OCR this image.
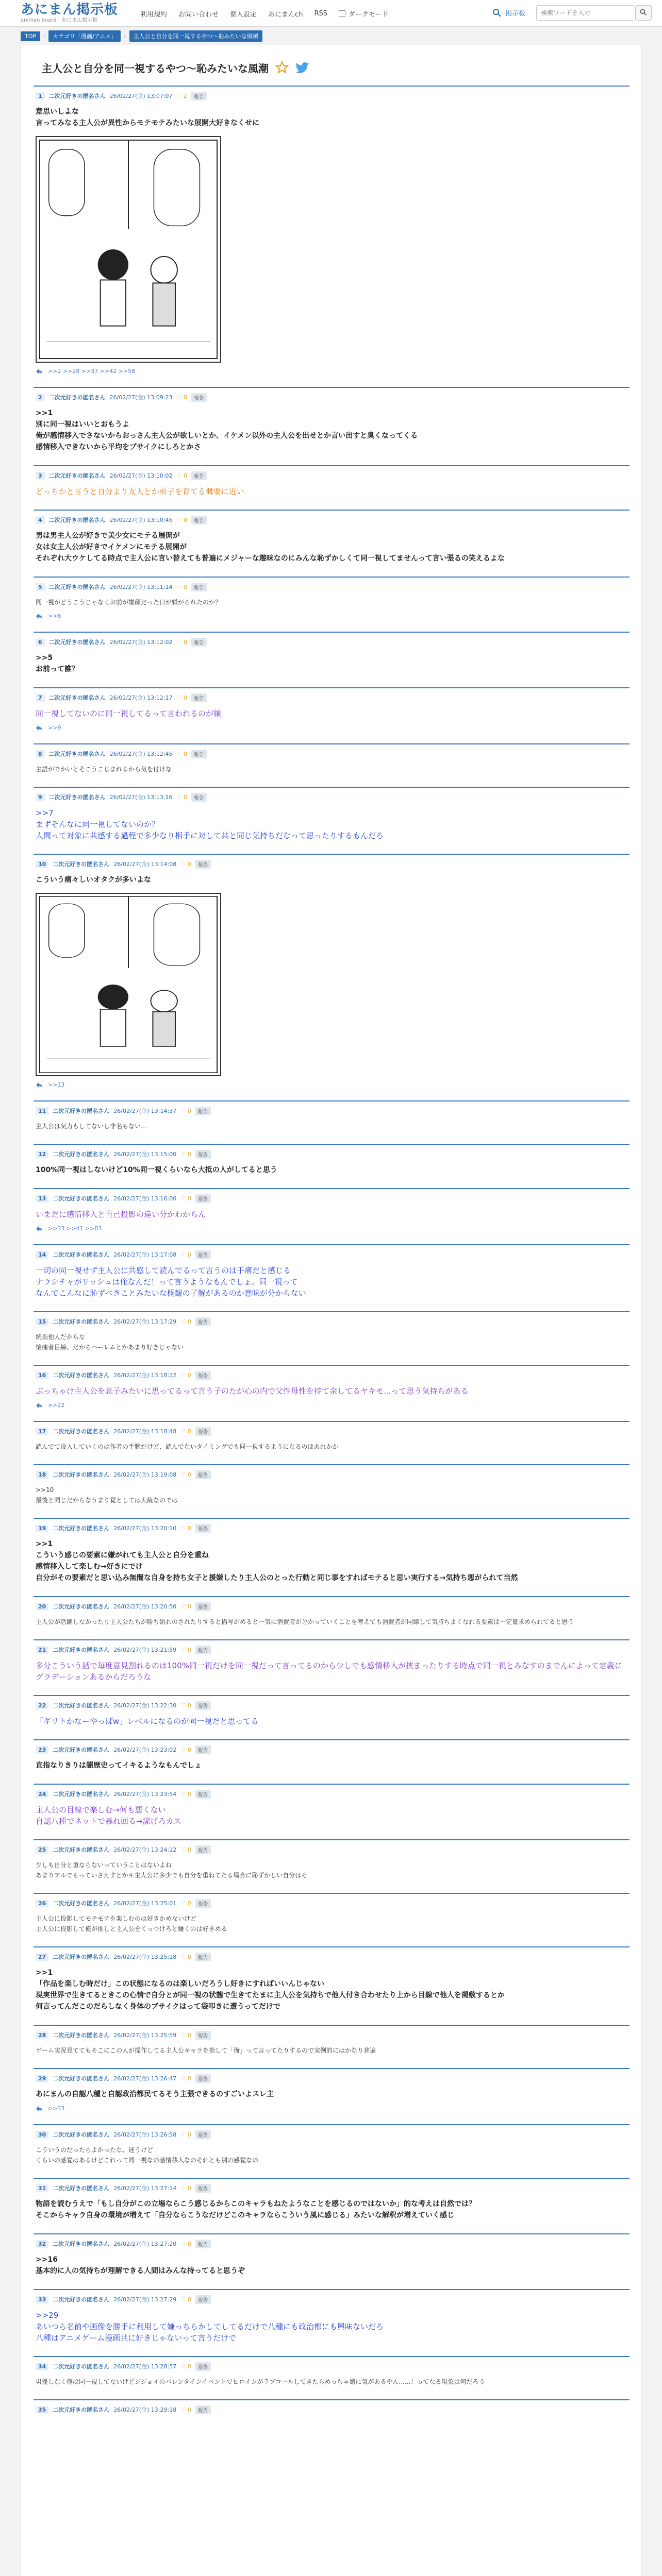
あにまん掲示板
animan board · あにまん掲示板
利用規約 お問い合わせ 個人設定 あにまんch RSS	ダークモード	掲示板
検索ワードを入力
TOP	›	カテゴリ「漫画/アニメ」	›	主人公と自分を同一視するやつ〜恥みたいな風潮
主人公と自分を同一視するやつ〜恥みたいな風潮
1	二次元好きの匿名さん 26/02/27(金) 13:07:07 ♡ 2	報告
意思いしよな
言ってみなる主人公が異性からモテモテみたいな展開大好きなくせに
>>2 >>28 >>37 >>42 >>58
2	二次元好きの匿名さん 26/02/27(金) 13:09:23 ♡ 0	報告
>>1
別に同一視はいいとおもうよ
俺が感情移入でさないからおっさん主人公が欲しいとか、イケメン以外の主人公を出せとか言い出すと臭くなってくる
感情移入できないから平均をブサイクにしろとかさ
3	二次元好きの匿名さん 26/02/27(金) 13:10:02 ♡ 0	報告
どっちかと言うと自分より友人とか弟子を育てる概要に近い
4	二次元好きの匿名さん 26/02/27(金) 13:10:45 ♡ 0	報告
男は男主人公が好きで美少女にモテる展開が
女は女主人公が好きでイケメンにモテる展開が
それぞれ大ウケしてる時点で主人公に言い替えても普遍にメジャーな趣味なのにみんな恥ずかしくて同一視してませんって言い張るの笑えるよな
5	二次元好きの匿名さん 26/02/27(金) 13:11:14 ♡ 0	報告
同一視がどうこうじゃなくお前が嫌顔だった日が嫌がられたのか？
>>6
6	二次元好きの匿名さん 26/02/27(金) 13:12:02 ♡ 0	報告
>>5
お前って誰？
7	二次元好きの匿名さん 26/02/27(金) 13:12:17 ♡ 0	報告
同一視してないのに同一視してるって言われるのが嫌
>>9
8	二次元好きの匿名さん 26/02/27(金) 13:12:45 ♡ 0	報告
主語がでかいとそこうこじまれるから気を付けな
9	二次元好きの匿名さん 26/02/27(金) 13:13:16 ♡ 0	報告
>>7
まずそんなに同一視してないのか？
人間って対象に共感する過程で多少なり相手に対して共と同じ気持ちだなって思ったりするもんだろ
10	二次元好きの匿名さん 26/02/27(金) 13:14:08 ♡ 0	報告
こういう痛々しいオタクが多いよな
>>13
11	二次元好きの匿名さん 26/02/27(金) 13:14:37 ♡ 0	報告
主人公は気力もしてないし非名もない…
12	二次元好きの匿名さん 26/02/27(金) 13:15:00 ♡ 0	報告
100%同一視はしないけど10%同一視くらいなら大抵の人がしてると思う
13	二次元好きの匿名さん 26/02/27(金) 13:16:06 ♡ 0	報告
いまだに感情移入と自己投影の違い分かわからん
>>33 >>41 >>83
14	二次元好きの匿名さん 26/02/27(金) 13:17:08 ♡ 0	報告
一切の同一視せず主人公に共感して読んでるって言うのは手痛だと感じる
ナラシチャがリッシュは俺なんだ！って言うようなもんでしょ。同一視って
なんでこんなに恥ずべきことみたいな概観の了解があるのか意味が分からない
15	二次元好きの匿名さん 26/02/27(金) 13:17:29 ♡ 0	報告
統指他人だからな
懐痛者目線、だからハーレムとかあまり好きじゃない
16	二次元好きの匿名さん 26/02/27(金) 13:18:12 ♡ 0	報告
ぶっちゃけ主人公を息子みたいに思ってるって言う子のたが心の内で父性母性を持て余してるヤキモ...って思う気持ちがある
>>22
17	二次元好きの匿名さん 26/02/27(金) 13:18:48 ♡ 0	報告
読んでて没入していくのは作者の手腕だけど、読んでないタイミングでも同一視するようになるのはあれかか
18	二次元好きの匿名さん 26/02/27(金) 13:19:08 ♡ 0	報告
>>10
最後と同じだからなうまり覚としては大統なのでは
19	二次元好きの匿名さん 26/02/27(金) 13:20:10 ♡ 0	報告
>>1
こういう感じの要素に嫌がれても主人公と自分を重ね
感情移入して楽しむ→好きにでけ
自分がその要素だと思い込み無闇な自身を持ち女子と援嫌したり主人公のとった行動と同じ事をすればモテると思い実行する→気持ち悪がられて当然
20	二次元好きの匿名さん 26/02/27(金) 13:20:50 ♡ 0	報告
主人公が活躍しなかったり主人公たちが勝ち組れのされたりすると描写がめると一気に消費者が分かっていくことを考えても消費者が同線して気持ちよくなれる要素は一定量求められてると思う
21	二次元好きの匿名さん 26/02/27(金) 13:21:59 ♡ 0	報告
多分こういう話で毎度意見割れるのは100%同一視だけを同一視だって言ってるのから少しでも感情移入が挟まったりする時点で同一視とみなすのまでんによって定義にグラデーションあるからだろうな
22	二次元好きの匿名さん 26/02/27(金) 13:22:30 ♡ 0	報告
「ギリトかなーやっぱw」レベルになるのが同一視だと思ってる
23	二次元好きの匿名さん 26/02/27(金) 13:23:02 ♡ 0	報告
直指なりきりは闇歴史ってイキるようなもんでしょ
24	二次元好きの匿名さん 26/02/27(金) 13:23:54 ♡ 0	報告
主人公の目線で楽しむ→何も悪くない
自認八種でネットで暴れ回る→潔げろカス
25	二次元好きの匿名さん 26/02/27(金) 13:24:12 ♡ 0	報告
少しも自分と重ならないっていうことはないよね
あまりアルでもっていさえすとかキ主人公に多少でも自分を重ねてたる場合に恥ずかしい自分はそ
26	二次元好きの匿名さん 26/02/27(金) 13:25:01 ♡ 0	報告
主人公に投影してモテモテを楽しむのは好きかめないけど
主人公に投影して俺が推しと主人公をくっつけろと嫌くのは好きめる
27	二次元好きの匿名さん 26/02/27(金) 13:25:18 ♡ 0	報告
>>1
「作品を楽しむ時だけ」この状態になるのは楽しいだろうし好きにすればいいんじゃない
現実世界で生きてるときこの心情で自分とが同一視の状態で生きてたまに主人公を気持ちで他人付き合わせたり上から目線で他人を掲敷するとか
何言ってんだこのだらしなく身体のブサイクはって袋叩きに遭うってだけで
28	二次元好きの匿名さん 26/02/27(金) 13:25:59 ♡ 0	報告
ゲーム実況見ててもそこにこの人が操作してる主人公キャラを指して「俺」って言ってたりするので実例的にはかなり普遍
29	二次元好きの匿名さん 26/02/27(金) 13:26:47 ♡ 0	報告
あにまんの自認八種と自認政治都民てるそう主張できるのすごいよスレ主
>>33
30	二次元好きの匿名さん 26/02/27(金) 13:26:58 ♡ 0	報告
こういうのだったらよかったな、迷うけど
くらいの感覚はあるけどこれって同一視なの感情移入なのそれとも別の感覚なの
31	二次元好きの匿名さん 26/02/27(金) 13:27:14 ♡ 0	報告
物語を読むうえで「もし自分がこの立場ならこう感じるからこのキャラもねたようなことを感じるのではないか」的な考えは自然では？
そこからキャラ自身の環境が増えて「自分ならこうなだけどこのキャラならこういう風に感じる」みたいな解釈が増えていく感じ
32	二次元好きの匿名さん 26/02/27(金) 13:27:20 ♡ 0	報告
>>16
基本的に人の気持ちが理解できる人間はみんな持ってると思うぞ
33	二次元好きの匿名さん 26/02/27(金) 13:27:29 ♡ 0	報告
>>29
あいつら名前や画像を勝手に利用して嫌っちらかしてしてるだけで八種にも政治都にも興味ないだろ
八種はアニメゲーム漫画共に好きじゃないって言うだけで
34	二次元好きの匿名さん 26/02/27(金) 13:28:57 ♡ 0	報告
男優しなく俺は同一視してないけどジジョイのバレンタインイベントでヒロインがラブコールしてきたらめっちゃ嬉に気があるやん......！ってなる現象は何だろう
35	二次元好きの匿名さん 26/02/27(金) 13:29:18 ♡ 0	報告
